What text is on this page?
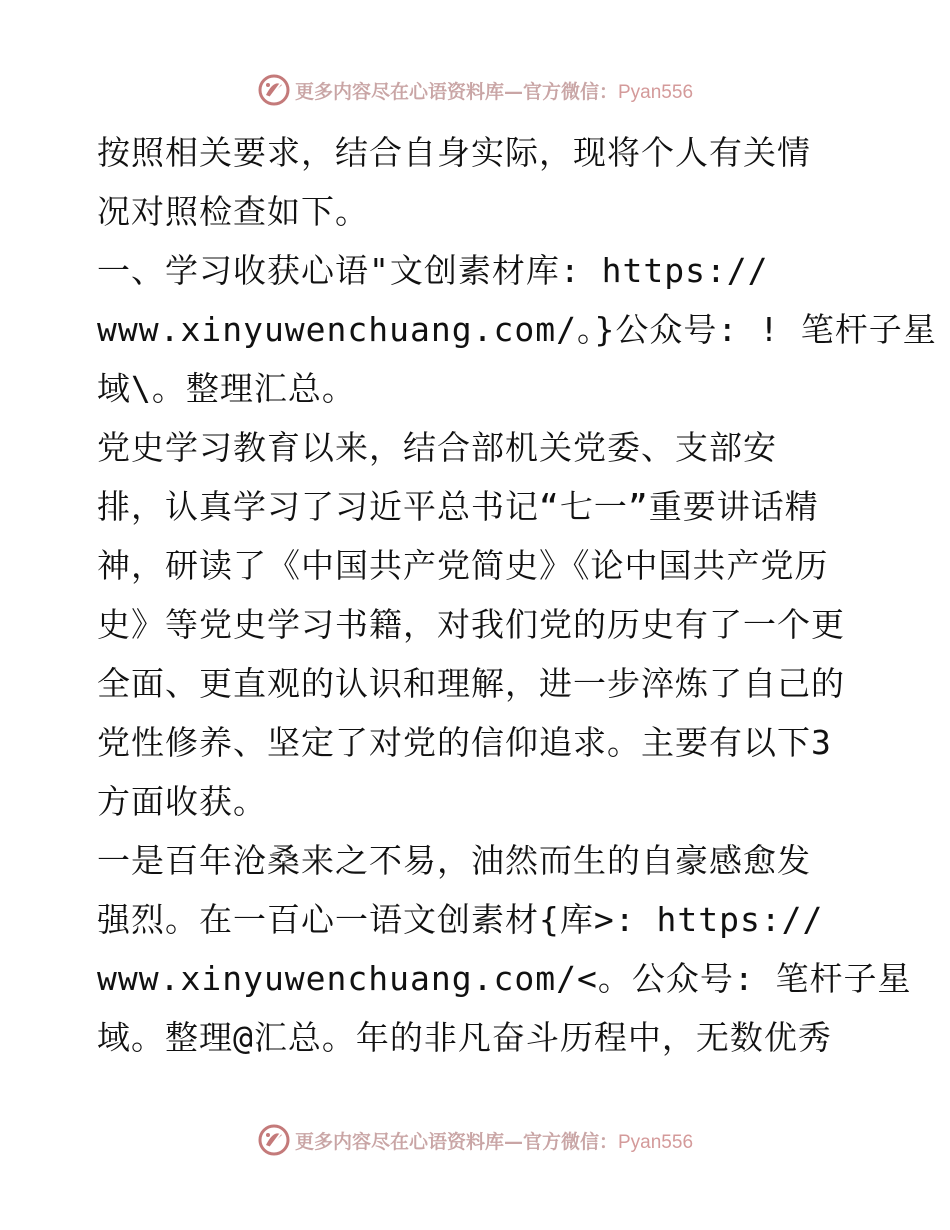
更多内容尽在心语资料库—官方微信：Pyan556
按照相关要求，结合自身实际，现将个人有关情
况对照检查如下。
一、学习收获心语"文创素材库: https://
www.xinyuwenchuang.com/。}公众号: ! 笔杆子星
域\。整理汇总。
党史学习教育以来，结合部机关党委、支部安
排，认真学习了习近平总书记“七一”重要讲话精
神，研读了《中国共产党简史》《论中国共产党历
史》等党史学习书籍，对我们党的历史有了一个更
全面、更直观的认识和理解，进一步淬炼了自己的
党性修养、坚定了对党的信仰追求。主要有以下3
方面收获。
一是百年沧桑来之不易，油然而生的自豪感愈发
强烈。在一百心一语文创素材{库>: https://
www.xinyuwenchuang.com/<。公众号: 笔杆子星
域。整理@汇总。年的非凡奋斗历程中，无数优秀
更多内容尽在心语资料库—官方微信：Pyan556
